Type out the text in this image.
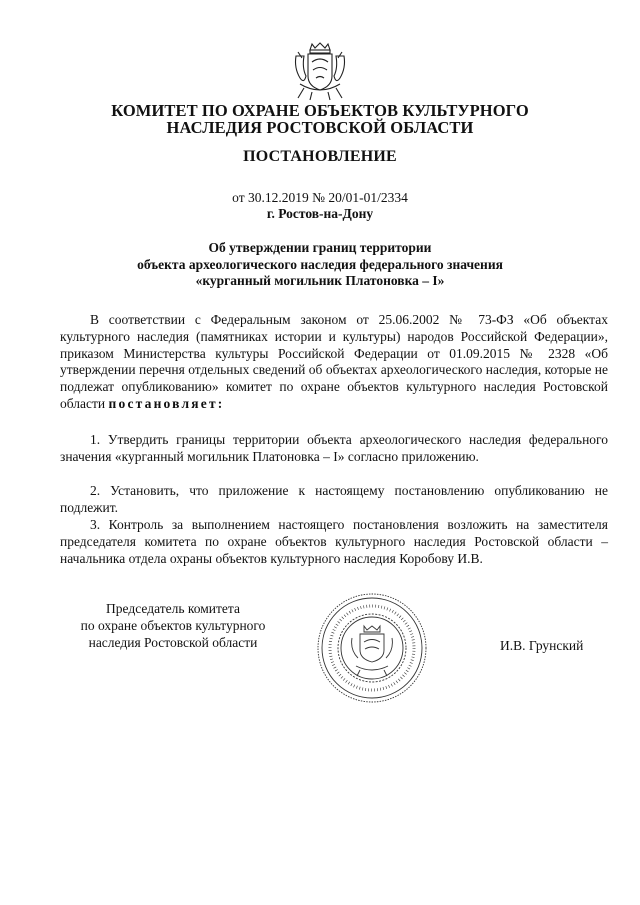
КОМИТЕТ ПО ОХРАНЕ ОБЪЕКТОВ КУЛЬТУРНОГО
НАСЛЕДИЯ РОСТОВСКОЙ ОБЛАСТИ
ПОСТАНОВЛЕНИЕ
от 30.12.2019 № 20/01-01/2334
г. Ростов-на-Дону
Об утверждении границ территории
объекта археологического наследия федерального значения
«курганный могильник Платоновка – I»

В соответствии с Федеральным законом от 25.06.2002 № 73-ФЗ «Об объектах культурного наследия (памятниках истории и культуры) народов Российской Федерации», приказом Министерства культуры Российской Федерации от 01.09.2015 № 2328 «Об утверждении перечня отдельных сведений об объектах археологического наследия, которые не подлежат опубликованию» комитет по охране объектов культурного наследия Ростовской области постановляет:

1. Утвердить границы территории объекта археологического наследия федерального значения «курганный могильник Платоновка – I» согласно приложению.

2. Установить, что приложение к настоящему постановлению опубликованию не подлежит.

3. Контроль за выполнением настоящего постановления возложить на заместителя председателя комитета по охране объектов культурного наследия Ростовской области – начальника отдела охраны объектов культурного наследия Коробову И.В.

Председатель комитета
по охране объектов культурного
наследия Ростовской области	И.В. Грунский
